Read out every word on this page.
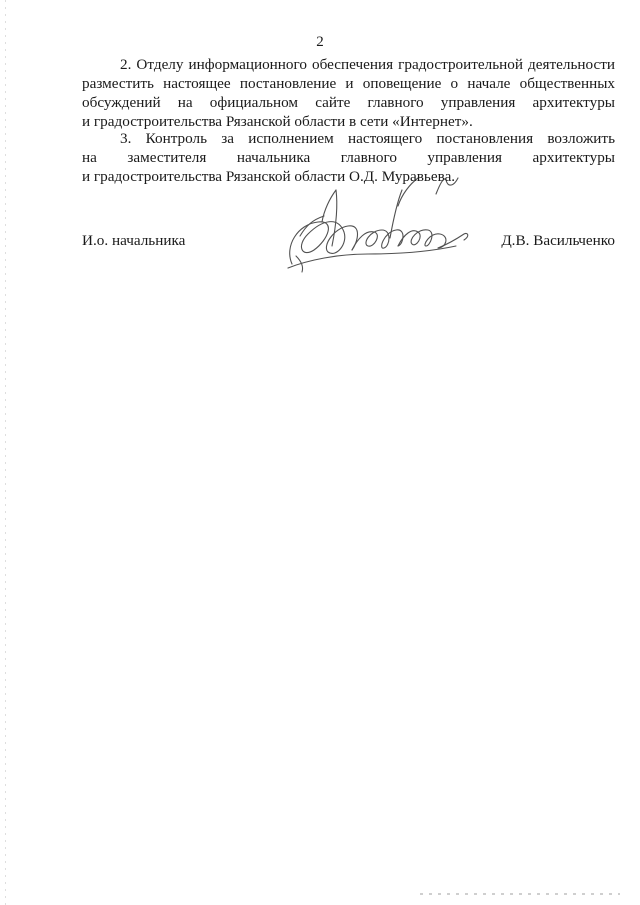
2
2. Отделу информационного обеспечения градостроительной деятельности
разместить настоящее постановление и оповещение о начале общественных
обсуждений на официальном сайте главного управления архитектуры
и градостроительства Рязанской области в сети «Интернет».
3. Контроль за исполнением настоящего постановления возложить
на заместителя начальника главного управления архитектуры
и градостроительства Рязанской области О.Д. Муравьева.
И.о. начальника	Д.В. Васильченко
